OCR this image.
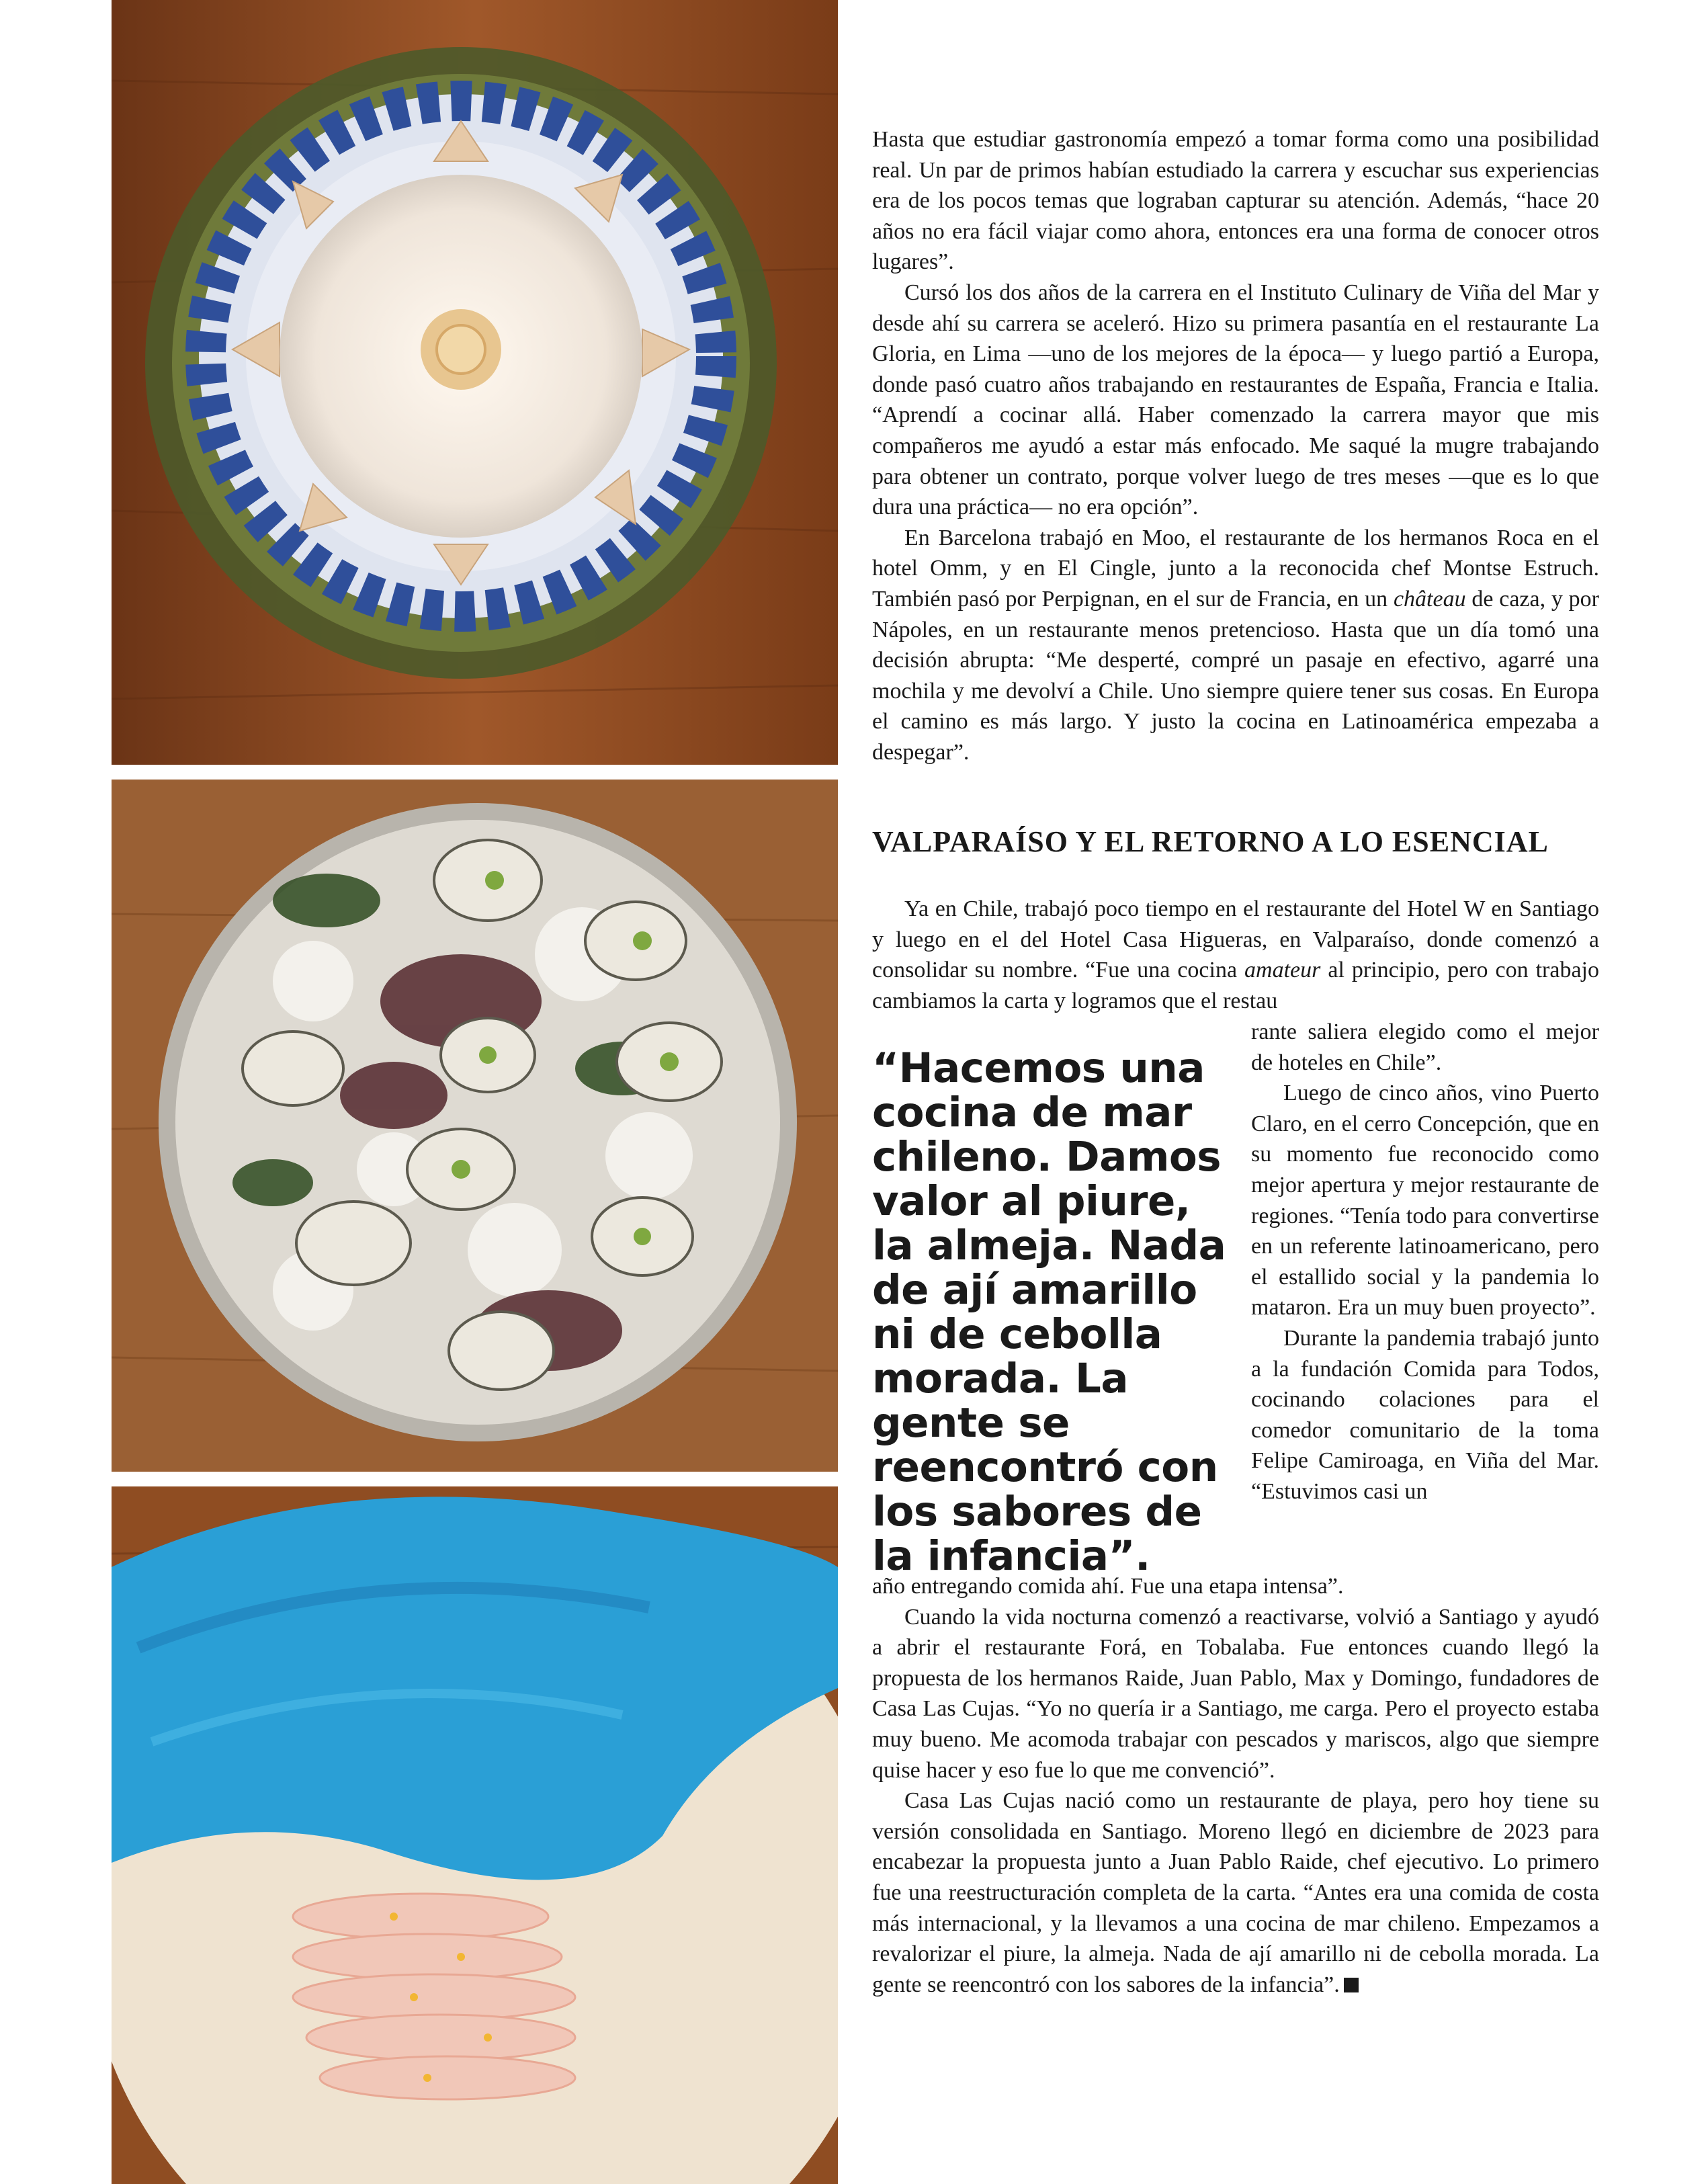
Hasta que estudiar gastronomía empezó a tomar forma como una posibilidad real. Un par de primos habían estudiado la carrera y escuchar sus experiencias era de los pocos temas que lograban capturar su atención. Además, “hace 20 años no era fácil viajar como ahora, entonces era una forma de conocer otros lugares”.

Cursó los dos años de la carrera en el Instituto Culinary de Viña del Mar y desde ahí su carrera se aceleró. Hizo su primera pasantía en el restaurante La Gloria, en Lima —uno de los mejores de la época— y luego partió a Europa, donde pasó cuatro años trabajando en restaurantes de España, Francia e Italia. “Aprendí a cocinar allá. Haber comenzado la carrera mayor que mis compañeros me ayudó a estar más enfocado. Me saqué la mugre trabajando para obtener un contrato, porque volver luego de tres meses —que es lo que dura una práctica— no era opción”.

En Barcelona trabajó en Moo, el restaurante de los hermanos Roca en el hotel Omm, y en El Cingle, junto a la reconocida chef Montse Estruch. También pasó por Perpignan, en el sur de Francia, en un château de caza, y por Nápoles, en un restaurante menos pretencioso. Hasta que un día tomó una decisión abrupta: “Me desperté, compré un pasaje en efectivo, agarré una mochila y me devolví a Chile. Uno siempre quiere tener sus cosas. En Europa el camino es más largo. Y justo la cocina en Latinoamérica empezaba a despegar”.

VALPARAÍSO Y EL RETORNO A LO ESENCIAL

Ya en Chile, trabajó poco tiempo en el restaurante del Hotel W en Santiago y luego en el del Hotel Casa Higueras, en Valparaíso, donde comenzó a consolidar su nombre. “Fue una cocina amateur al principio, pero con trabajo cambiamos la carta y logramos que el restau

rante saliera elegido como el mejor de hoteles en Chile”.

Luego de cinco años, vino Puerto Claro, en el cerro Concepción, que en su momento fue reconocido como mejor apertura y mejor restaurante de regiones. “Tenía todo para convertirse en un referente latinoamericano, pero el estallido social y la pandemia lo mataron. Era un muy buen proyecto”.

Durante la pandemia trabajó junto a la fundación Comida para Todos, cocinando colaciones para el comedor comunitario de la toma Felipe Camiroaga, en Viña del Mar. “Estuvimos casi un

“Hacemos una cocina de mar chileno. Damos valor al piure, la almeja. Nada de ají amarillo ni de cebolla morada. La gente se reencontró con los sabores de la infancia”.

año entregando comida ahí. Fue una etapa intensa”.

Cuando la vida nocturna comenzó a reactivarse, volvió a Santiago y ayudó a abrir el restaurante Forá, en Tobalaba. Fue entonces cuando llegó la propuesta de los hermanos Raide, Juan Pablo, Max y Domingo, fundadores de Casa Las Cujas. “Yo no quería ir a Santiago, me carga. Pero el proyecto estaba muy bueno. Me acomoda trabajar con pescados y mariscos, algo que siempre quise hacer y eso fue lo que me convenció”.

Casa Las Cujas nació como un restaurante de playa, pero hoy tiene su versión consolidada en Santiago. Moreno llegó en diciembre de 2023 para encabezar la propuesta junto a Juan Pablo Raide, chef ejecutivo. Lo primero fue una reestructuración completa de la carta. “Antes era una comida de costa más internacional, y la llevamos a una cocina de mar chileno. Empezamos a revalorizar el piure, la almeja. Nada de ají amarillo ni de cebolla morada. La gente se reencontró con los sabores de la infancia”.
